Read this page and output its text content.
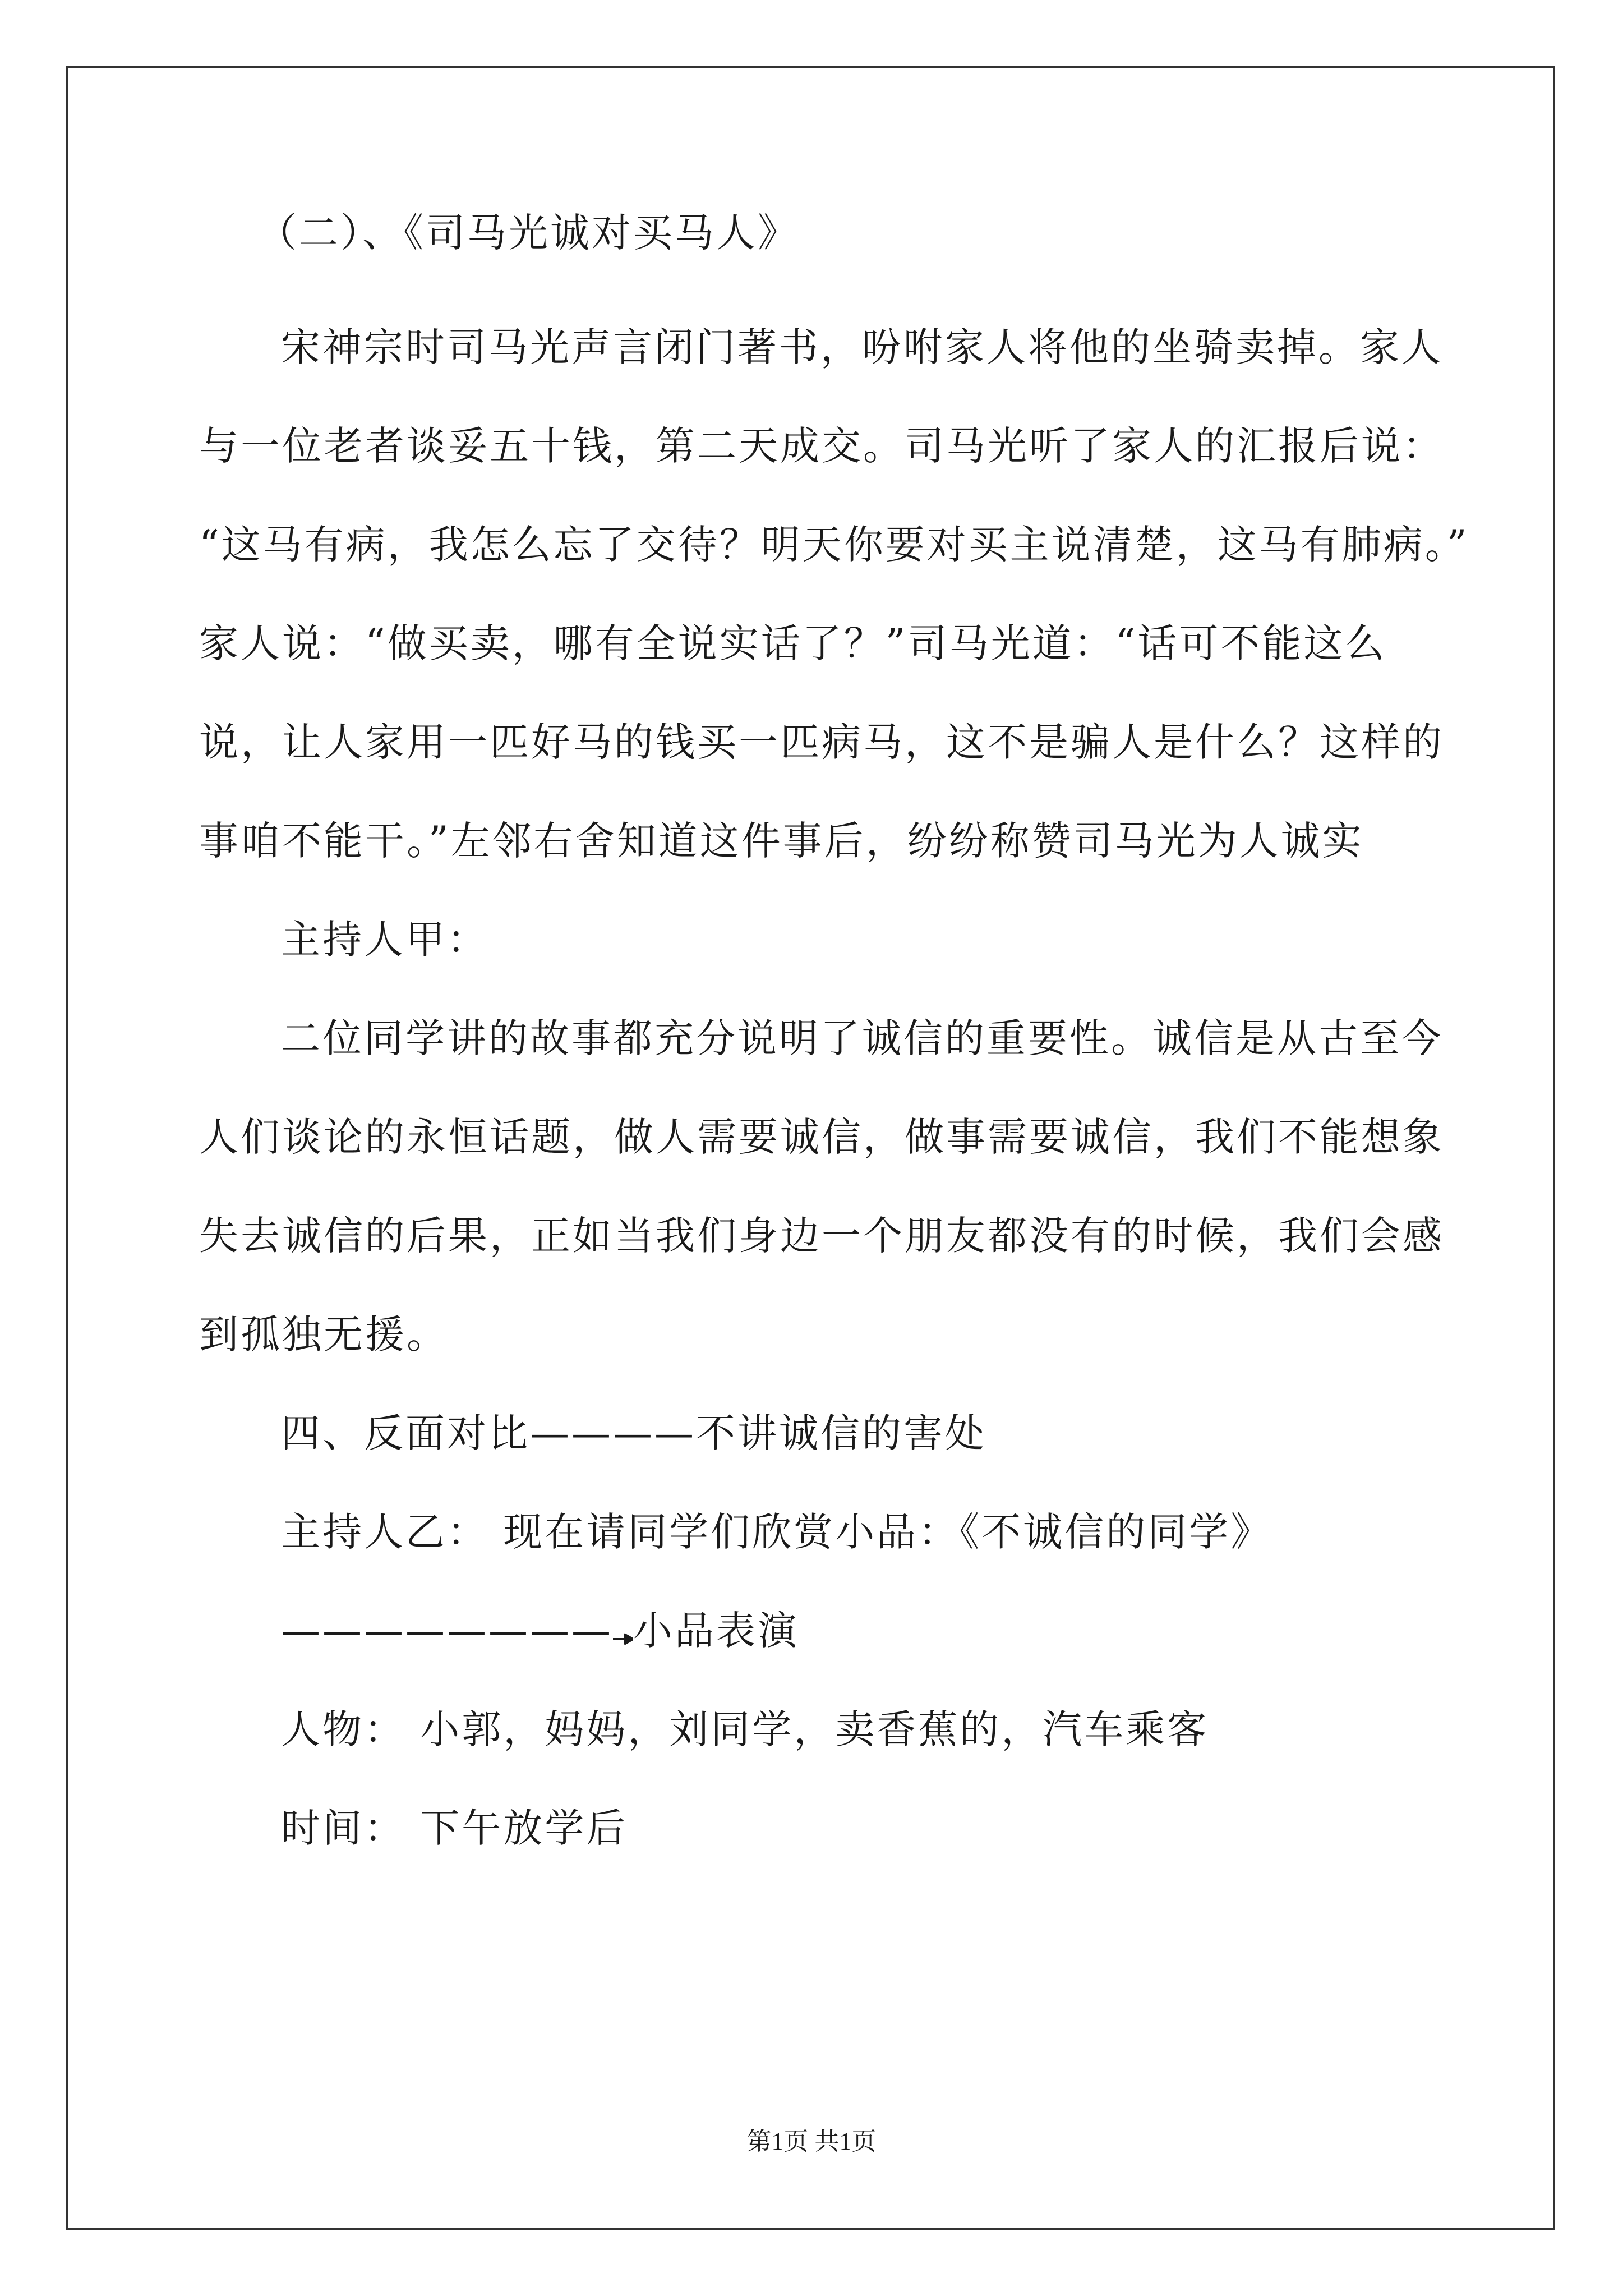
（二）、《司马光诚对买马人》
宋神宗时司马光声言闭门著书，吩咐家人将他的坐骑卖掉。家人
与一位老者谈妥五十钱，第二天成交。司马光听了家人的汇报后说：
“这马有病，我怎么忘了交待？明天你要对买主说清楚，这马有肺病。”
家人说：“做买卖，哪有全说实话了？”司马光道：“话可不能这么
说，让人家用一匹好马的钱买一匹病马，这不是骗人是什么？这样的
事咱不能干。”左邻右舍知道这件事后，纷纷称赞司马光为人诚实
主持人甲：
二位同学讲的故事都充分说明了诚信的重要性。诚信是从古至今
人们谈论的永恒话题，做人需要诚信，做事需要诚信，我们不能想象
失去诚信的后果，正如当我们身边一个朋友都没有的时候，我们会感
到孤独无援。
四、反面对比————不讲诚信的害处
主持人乙： 现在请同学们欣赏小品：《不诚信的同学》
———————— 小品表演
人物： 小郭，妈妈，刘同学，卖香蕉的，汽车乘客
时间： 下午放学后
第1页 共1页
